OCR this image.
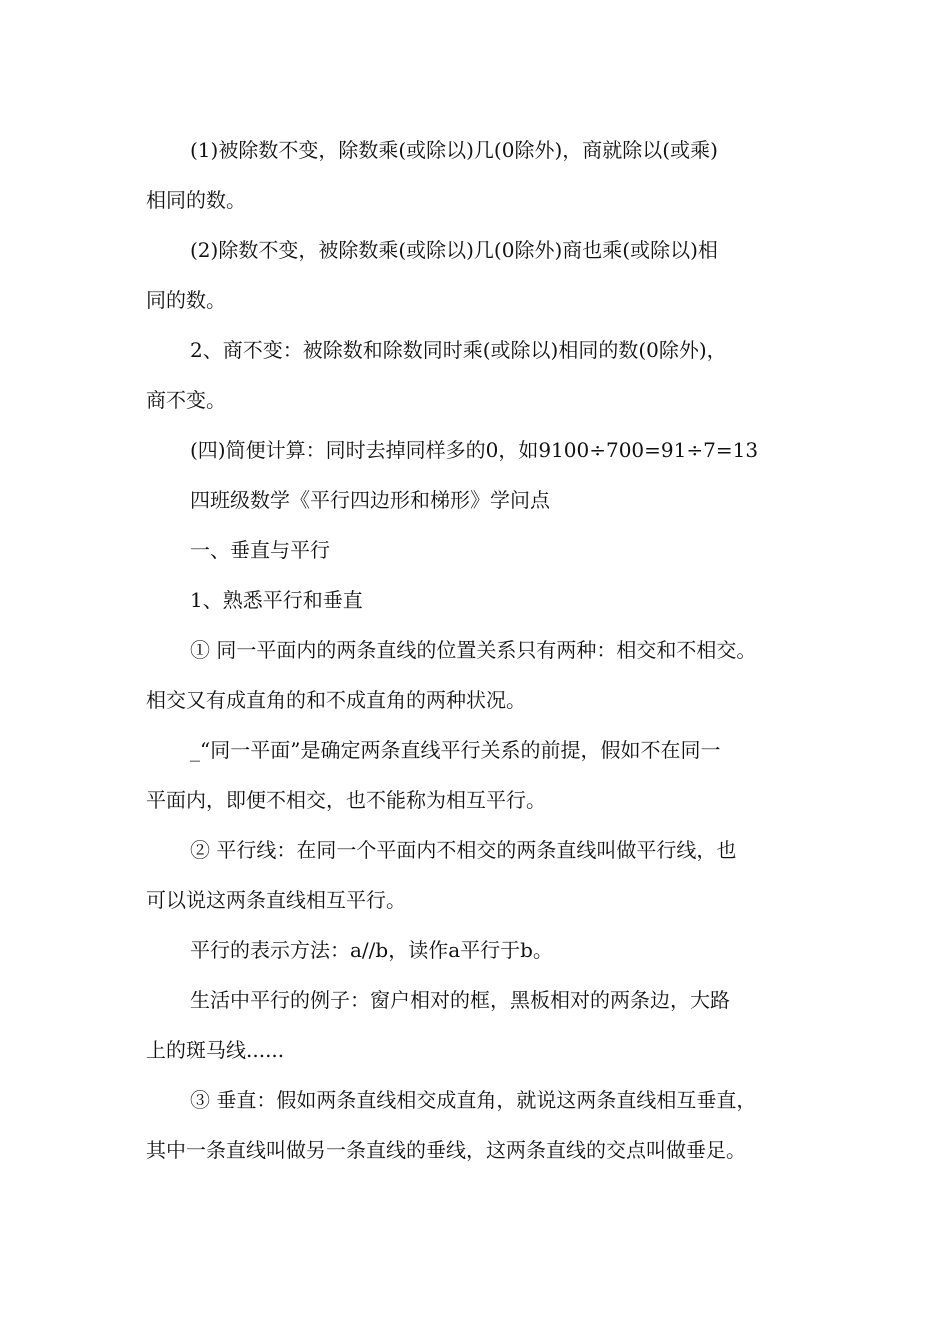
(1)被除数不变，除数乘(或除以)几(0除外)，商就除以(或乘)
相同的数。
(2)除数不变，被除数乘(或除以)几(0除外)商也乘(或除以)相
同的数。
2、商不变：被除数和除数同时乘(或除以)相同的数(0除外)，
商不变。
(四)简便计算：同时去掉同样多的0，如9100÷700=91÷7=13
四班级数学《平行四边形和梯形》学问点
一、垂直与平行
1、熟悉平行和垂直
① 同一平面内的两条直线的位置关系只有两种：相交和不相交。
相交又有成直角的和不成直角的两种状况。
_“同一平面”是确定两条直线平行关系的前提，假如不在同一
平面内，即便不相交，也不能称为相互平行。
② 平行线：在同一个平面内不相交的两条直线叫做平行线，也
可以说这两条直线相互平行。
平行的表示方法：a//b，读作a平行于b。
生活中平行的例子：窗户相对的框，黑板相对的两条边，大路
上的斑马线......
③ 垂直：假如两条直线相交成直角，就说这两条直线相互垂直，
其中一条直线叫做另一条直线的垂线，这两条直线的交点叫做垂足。
